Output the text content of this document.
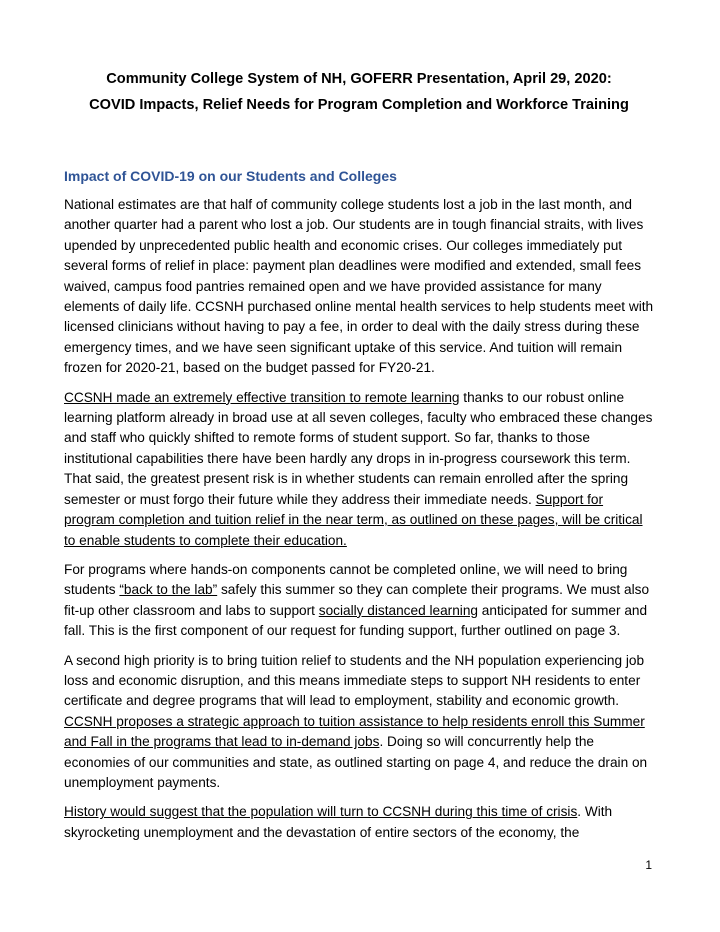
Community College System of NH, GOFERR Presentation, April 29, 2020:
COVID Impacts, Relief Needs for Program Completion and Workforce Training
Impact of COVID-19 on our Students and Colleges

National estimates are that half of community college students lost a job in the last month, and another quarter had a parent who lost a job. Our students are in tough financial straits, with lives upended by unprecedented public health and economic crises. Our colleges immediately put several forms of relief in place: payment plan deadlines were modified and extended, small fees waived, campus food pantries remained open and we have provided assistance for many elements of daily life. CCSNH purchased online mental health services to help students meet with licensed clinicians without having to pay a fee, in order to deal with the daily stress during these emergency times, and we have seen significant uptake of this service. And tuition will remain frozen for 2020-21, based on the budget passed for FY20-21.

CCSNH made an extremely effective transition to remote learning thanks to our robust online learning platform already in broad use at all seven colleges, faculty who embraced these changes and staff who quickly shifted to remote forms of student support. So far, thanks to those institutional capabilities there have been hardly any drops in in-progress coursework this term. That said, the greatest present risk is in whether students can remain enrolled after the spring semester or must forgo their future while they address their immediate needs. Support for program completion and tuition relief in the near term, as outlined on these pages, will be critical to enable students to complete their education.

For programs where hands-on components cannot be completed online, we will need to bring students “back to the lab” safely this summer so they can complete their programs. We must also fit-up other classroom and labs to support socially distanced learning anticipated for summer and fall. This is the first component of our request for funding support, further outlined on page 3.

A second high priority is to bring tuition relief to students and the NH population experiencing job loss and economic disruption, and this means immediate steps to support NH residents to enter certificate and degree programs that will lead to employment, stability and economic growth. CCSNH proposes a strategic approach to tuition assistance to help residents enroll this Summer and Fall in the programs that lead to in-demand jobs. Doing so will concurrently help the economies of our communities and state, as outlined starting on page 4, and reduce the drain on unemployment payments.

History would suggest that the population will turn to CCSNH during this time of crisis. With skyrocketing unemployment and the devastation of entire sectors of the economy, the

1
